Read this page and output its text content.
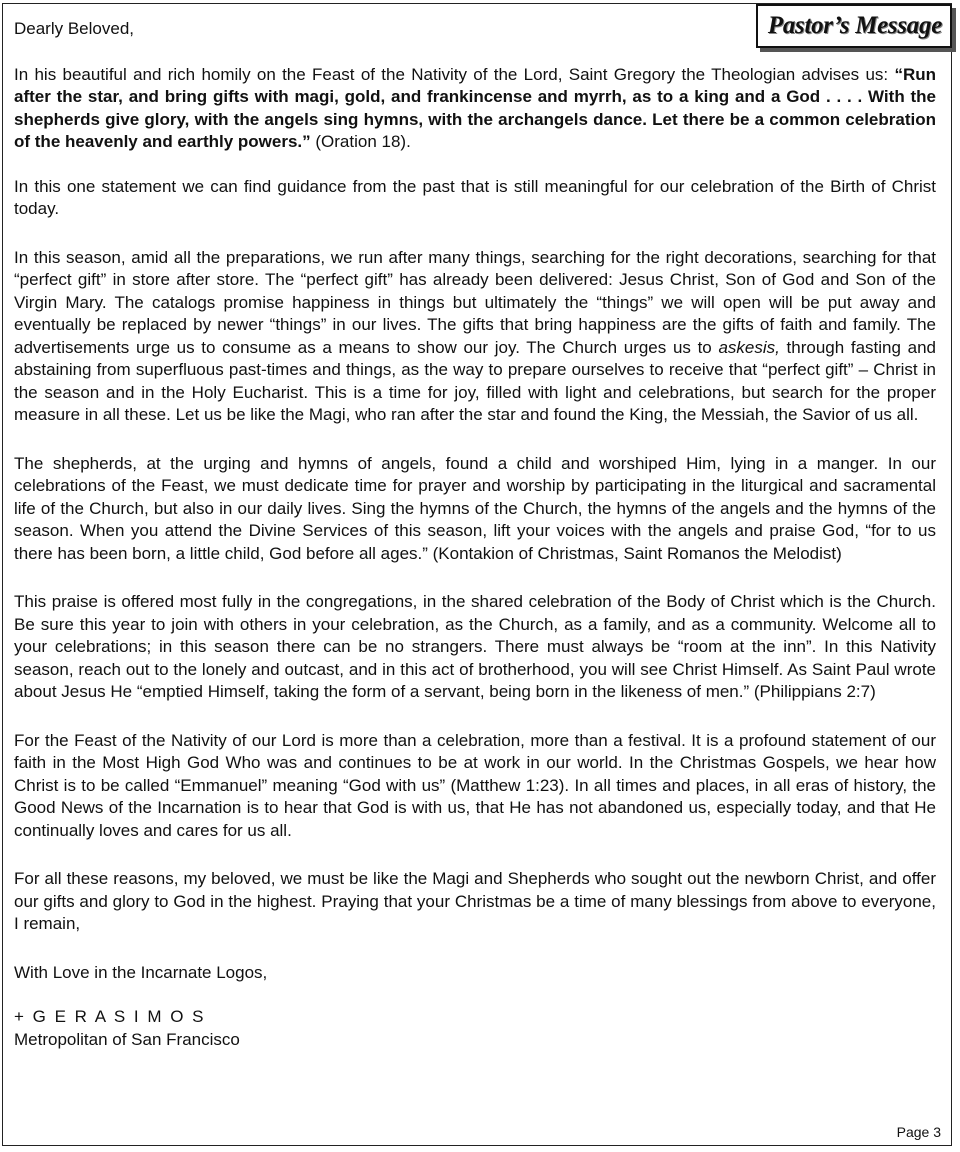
Pastor’s Message

Dearly Beloved,

In his beautiful and rich homily on the Feast of the Nativity of the Lord, Saint Gregory the Theologian advises us: “Run after the star, and bring gifts with magi, gold, and frankincense and myrrh, as to a king and a God . . . . With the shepherds give glory, with the angels sing hymns, with the archangels dance. Let there be a common celebration of the heavenly and earthly powers.” (Oration 18).

In this one statement we can find guidance from the past that is still meaningful for our celebration of the Birth of Christ today.

In this season, amid all the preparations, we run after many things, searching for the right decorations, searching for that “perfect gift” in store after store. The “perfect gift” has already been delivered: Jesus Christ, Son of God and Son of the Virgin Mary. The catalogs promise happiness in things but ultimately the “things” we will open will be put away and eventually be replaced by newer “things” in our lives. The gifts that bring happiness are the gifts of faith and family. The advertisements urge us to consume as a means to show our joy. The Church urges us to askesis, through fasting and abstaining from superfluous past-times and things, as the way to prepare ourselves to receive that “perfect gift” – Christ in the season and in the Holy Eucharist. This is a time for joy, filled with light and celebrations, but search for the proper measure in all these. Let us be like the Magi, who ran after the star and found the King, the Messiah, the Savior of us all.

The shepherds, at the urging and hymns of angels, found a child and worshiped Him, lying in a manger. In our celebrations of the Feast, we must dedicate time for prayer and worship by participating in the liturgical and sacramental life of the Church, but also in our daily lives. Sing the hymns of the Church, the hymns of the angels and the hymns of the season. When you attend the Divine Services of this season, lift your voices with the angels and praise God, “for to us there has been born, a little child, God before all ages.” (Kontakion of Christmas, Saint Romanos the Melodist)

This praise is offered most fully in the congregations, in the shared celebration of the Body of Christ which is the Church. Be sure this year to join with others in your celebration, as the Church, as a family, and as a community. Welcome all to your celebrations; in this season there can be no strangers. There must always be “room at the inn”. In this Nativity season, reach out to the lonely and outcast, and in this act of brotherhood, you will see Christ Himself. As Saint Paul wrote about Jesus He “emptied Himself, taking the form of a servant, being born in the likeness of men.” (Philippians 2:7)

For the Feast of the Nativity of our Lord is more than a celebration, more than a festival. It is a profound statement of our faith in the Most High God Who was and continues to be at work in our world. In the Christmas Gospels, we hear how Christ is to be called “Emmanuel” meaning “God with us” (Matthew 1:23). In all times and places, in all eras of history, the Good News of the Incarnation is to hear that God is with us, that He has not abandoned us, especially today, and that He continually loves and cares for us all.

For all these reasons, my beloved, we must be like the Magi and Shepherds who sought out the newborn Christ, and offer our gifts and glory to God in the highest. Praying that your Christmas be a time of many blessings from above to everyone, I remain,

With Love in the Incarnate Logos,

+ G E R A S I M O S

Metropolitan of San Francisco

Page 3
